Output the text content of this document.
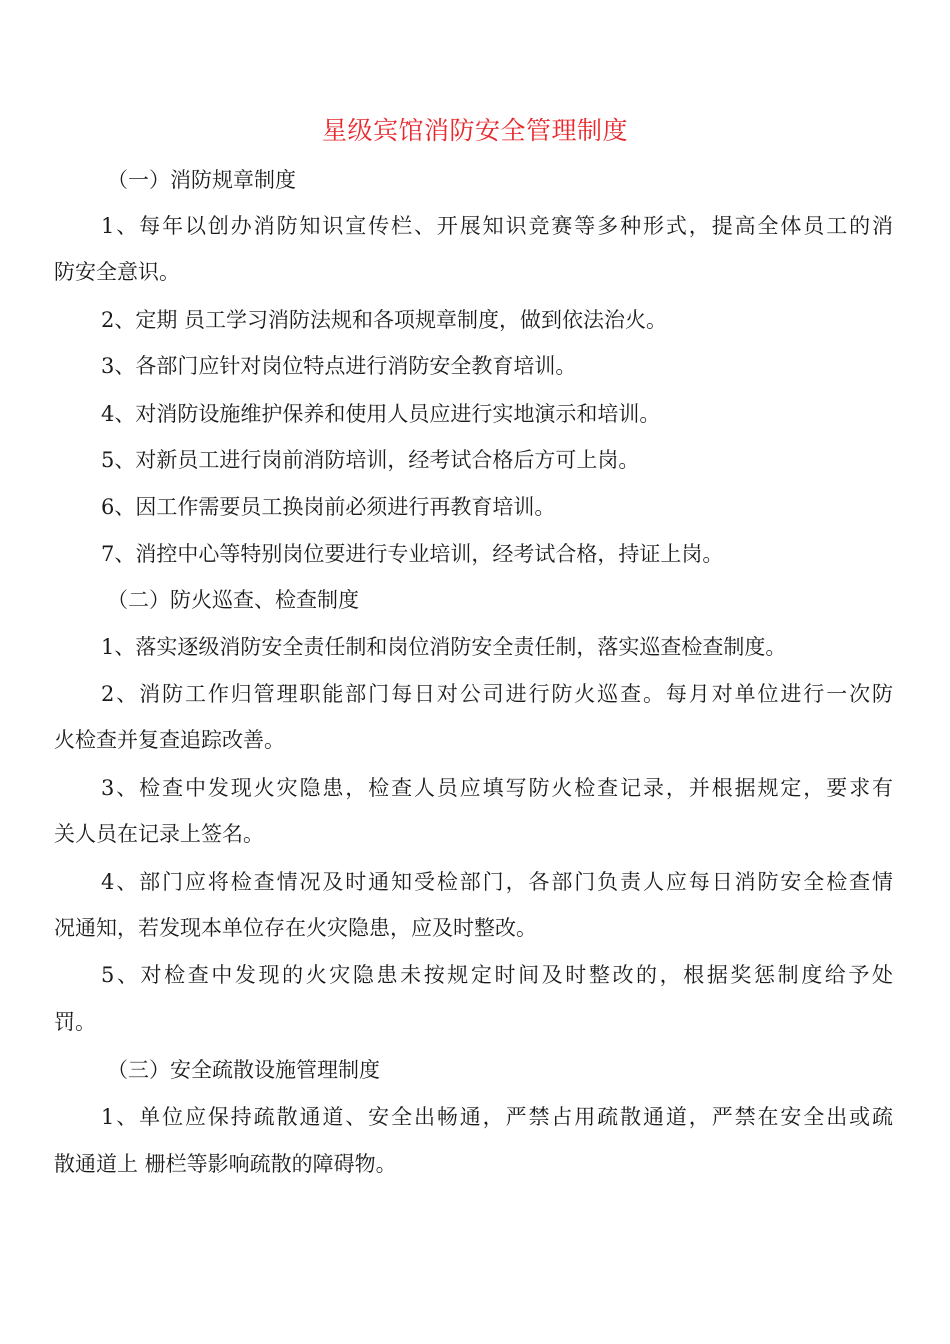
星级宾馆消防安全管理制度
（一）消防规章制度
1、每年以创办消防知识宣传栏、开展知识竞赛等多种形式，提高全体员工的消
防安全意识。
2、定期 员工学习消防法规和各项规章制度，做到依法治火。
3、各部门应针对岗位特点进行消防安全教育培训。
4、对消防设施维护保养和使用人员应进行实地演示和培训。
5、对新员工进行岗前消防培训，经考试合格后方可上岗。
6、因工作需要员工换岗前必须进行再教育培训。
7、消控中心等特别岗位要进行专业培训，经考试合格，持证上岗。
（二）防火巡查、检查制度
1、落实逐级消防安全责任制和岗位消防安全责任制，落实巡查检查制度。
2、消防工作归管理职能部门每日对公司进行防火巡查。每月对单位进行一次防
火检查并复查追踪改善。
3、检查中发现火灾隐患，检查人员应填写防火检查记录，并根据规定，要求有
关人员在记录上签名。
4、部门应将检查情况及时通知受检部门，各部门负责人应每日消防安全检查情
况通知，若发现本单位存在火灾隐患，应及时整改。
5、对检查中发现的火灾隐患未按规定时间及时整改的，根据奖惩制度给予处
罚。
（三）安全疏散设施管理制度
1、单位应保持疏散通道、安全出畅通，严禁占用疏散通道，严禁在安全出或疏
散通道上 栅栏等影响疏散的障碍物。
